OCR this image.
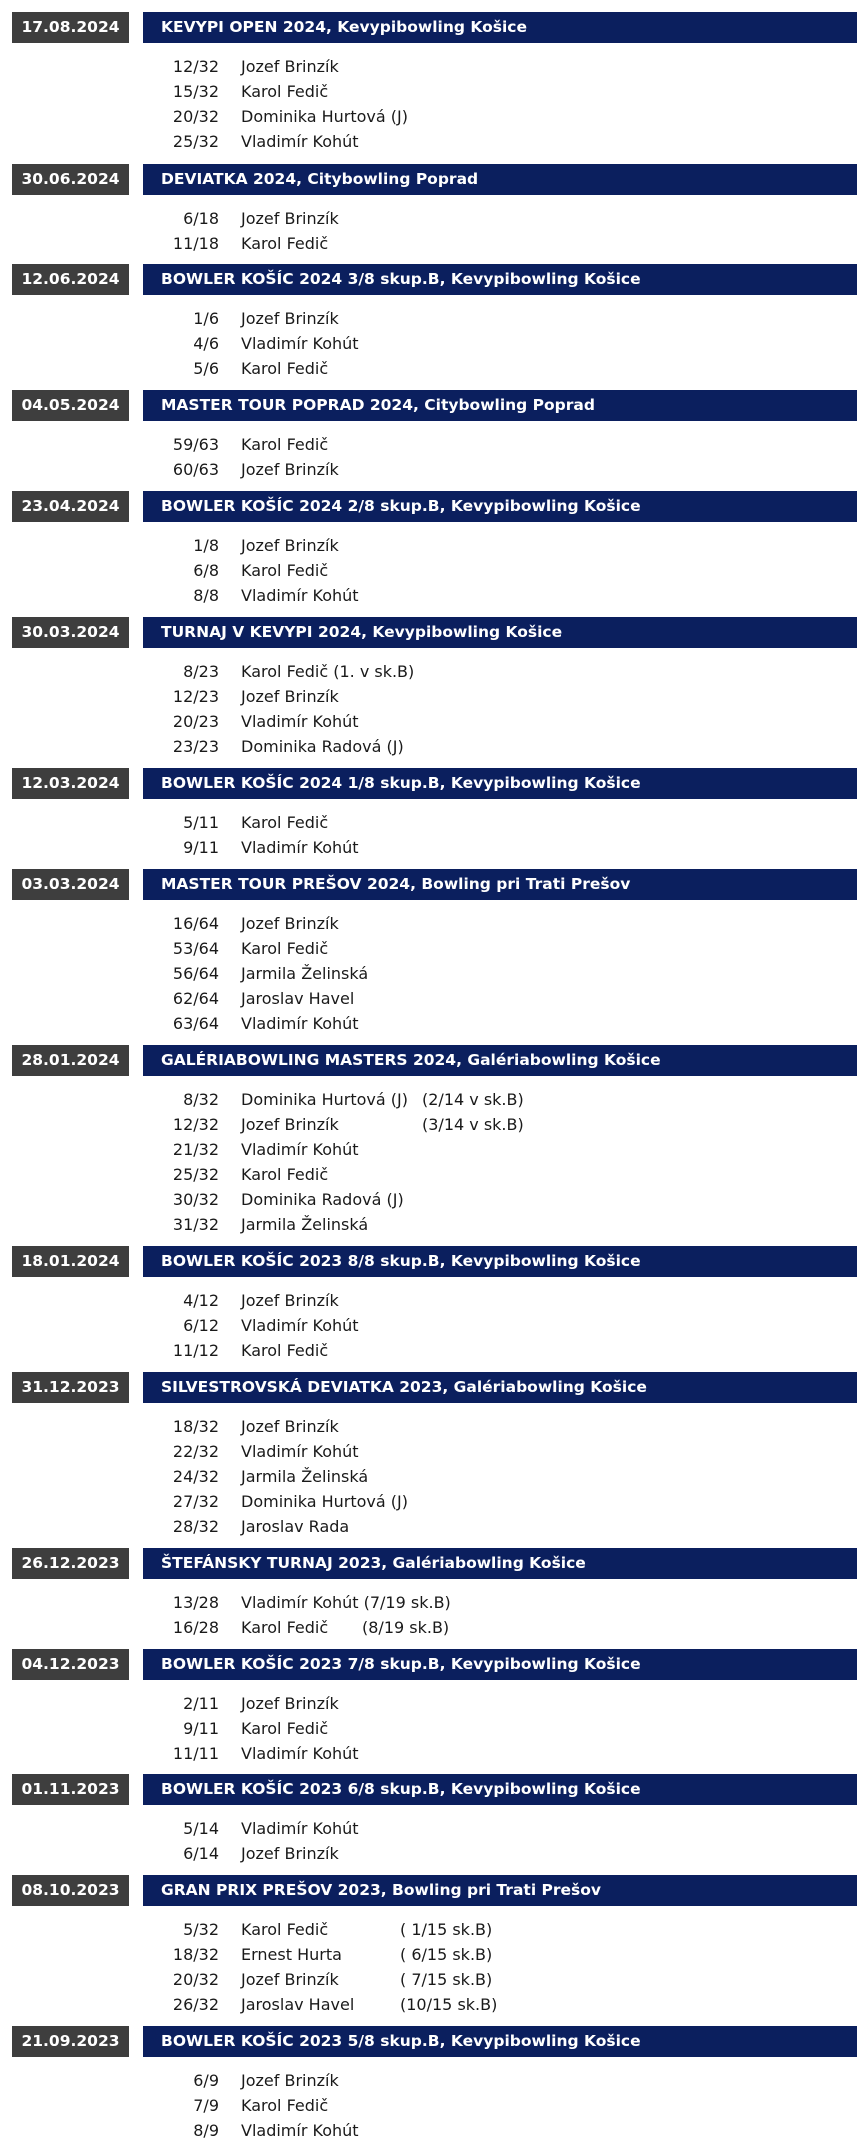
17.08.2024	KEVYPI OPEN 2024, Kevypibowling Košice
12/32 Jozef Brinzík
15/32 Karol Fedič
20/32 Dominika Hurtová (J)
25/32 Vladimír Kohút
30.06.2024	DEVIATKA 2024, Citybowling Poprad
6/18 Jozef Brinzík
11/18 Karol Fedič
12.06.2024	BOWLER KOŠÍC 2024 3/8 skup.B, Kevypibowling Košice
1/6 Jozef Brinzík
4/6 Vladimír Kohút
5/6 Karol Fedič
04.05.2024	MASTER TOUR POPRAD 2024, Citybowling Poprad
59/63 Karol Fedič
60/63 Jozef Brinzík
23.04.2024	BOWLER KOŠÍC 2024 2/8 skup.B, Kevypibowling Košice
1/8 Jozef Brinzík
6/8 Karol Fedič
8/8 Vladimír Kohút
30.03.2024	TURNAJ V KEVYPI 2024, Kevypibowling Košice
8/23 Karol Fedič (1. v sk.B)
12/23 Jozef Brinzík
20/23 Vladimír Kohút
23/23 Dominika Radová (J)
12.03.2024	BOWLER KOŠÍC 2024 1/8 skup.B, Kevypibowling Košice
5/11 Karol Fedič
9/11 Vladimír Kohút
03.03.2024	MASTER TOUR PREŠOV 2024, Bowling pri Trati Prešov
16/64 Jozef Brinzík
53/64 Karol Fedič
56/64 Jarmila Želinská
62/64 Jaroslav Havel
63/64 Vladimír Kohút
28.01.2024	GALÉRIABOWLING MASTERS 2024, Galériabowling Košice
8/32 Dominika Hurtová (J) (2/14 v sk.B)
12/32 Jozef Brinzík	(3/14 v sk.B)
21/32 Vladimír Kohút
25/32 Karol Fedič
30/32 Dominika Radová (J)
31/32 Jarmila Želinská
18.01.2024	BOWLER KOŠÍC 2023 8/8 skup.B, Kevypibowling Košice
4/12 Jozef Brinzík
6/12 Vladimír Kohút
11/12 Karol Fedič
31.12.2023	SILVESTROVSKÁ DEVIATKA 2023, Galériabowling Košice
18/32 Jozef Brinzík
22/32 Vladimír Kohút
24/32 Jarmila Želinská
27/32 Dominika Hurtová (J)
28/32 Jaroslav Rada
26.12.2023	ŠTEFÁNSKY TURNAJ 2023, Galériabowling Košice
13/28 Vladimír Kohút (7/19 sk.B)
16/28 Karol Fedič (8/19 sk.B)
04.12.2023	BOWLER KOŠÍC 2023 7/8 skup.B, Kevypibowling Košice
2/11 Jozef Brinzík
9/11 Karol Fedič
11/11 Vladimír Kohút
01.11.2023	BOWLER KOŠÍC 2023 6/8 skup.B, Kevypibowling Košice
5/14 Vladimír Kohút
6/14 Jozef Brinzík
08.10.2023	GRAN PRIX PREŠOV 2023, Bowling pri Trati Prešov
5/32 Karol Fedič	( 1/15 sk.B)
18/32 Ernest Hurta	( 6/15 sk.B)
20/32 Jozef Brinzík	( 7/15 sk.B)
26/32 Jaroslav Havel	(10/15 sk.B)
21.09.2023	BOWLER KOŠÍC 2023 5/8 skup.B, Kevypibowling Košice
6/9 Jozef Brinzík
7/9 Karol Fedič
8/9 Vladimír Kohút
